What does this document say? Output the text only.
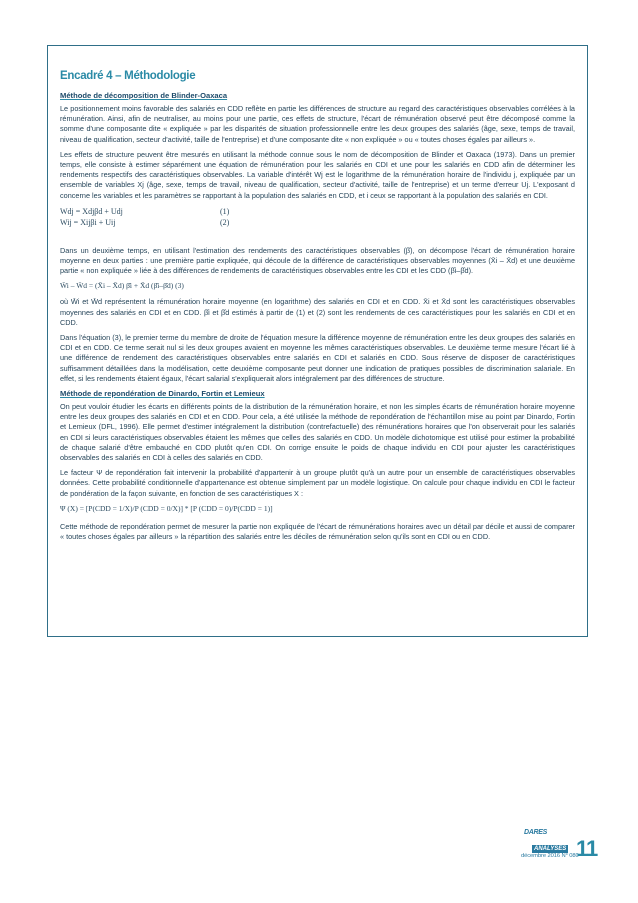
Encadré 4 – Méthodologie
Méthode de décomposition de Blinder-Oaxaca

Le positionnement moins favorable des salariés en CDD reflète en partie les différences de structure au regard des caractéristiques observables corrélées à la rémunération. Ainsi, afin de neutraliser, au moins pour une partie, ces effets de structure, l'écart de rémunération observé peut être décomposé comme la somme d'une composante dite « expliquée » par les disparités de situation professionnelle entre les deux groupes des salariés (âge, sexe, temps de travail, niveau de qualification, secteur d'activité, taille de l'entreprise) et d'une composante dite « non expliquée » ou « toutes choses égales par ailleurs ».

Les effets de structure peuvent être mesurés en utilisant la méthode connue sous le nom de décomposition de Blinder et Oaxaca (1973). Dans un premier temps, elle consiste à estimer séparément une équation de rémunération pour les salariés en CDI et une pour les salariés en CDD afin de déterminer les rendements respectifs des caractéristiques observables. La variable d'intérêt Wj est le logarithme de la rémunération horaire de l'individu j, expliquée par un ensemble de variables Xj (âge, sexe, temps de travail, niveau de qualification, secteur d'activité, taille de l'entreprise) et un terme d'erreur Uj. L'exposant d concerne les variables et les paramètres se rapportant à la population des salariés en CDD, et i ceux se rapportant à la population des salariés en CDI.

Wdj = Xdjβd + Udj	(1)
Wij = Xijβi + Uij	(2)

Dans un deuxième temps, en utilisant l'estimation des rendements des caractéristiques observables (β̂), on décompose l'écart de rémunération horaire moyenne en deux parties : une première partie expliquée, qui découle de la différence de caractéristiques observables moyennes (X̄i – X̄d) et une deuxième partie « non expliquée » liée à des différences de rendements de caractéristiques observables entre les CDI et les CDD (β̂i–β̂d).

W̄i – W̄d = (X̄i – X̄d) β̂i + X̄d (β̂i–β̂d) (3)

où W̄i et W̄d représentent la rémunération horaire moyenne (en logarithme) des salariés en CDI et en CDD. X̄i et X̄d sont les caractéristiques observables moyennes des salariés en CDI et en CDD. β̂i et β̂d estimés à partir de (1) et (2) sont les rendements de ces caractéristiques pour les salariés en CDI et en CDD.

Dans l'équation (3), le premier terme du membre de droite de l'équation mesure la différence moyenne de rémunération entre les deux groupes des salariés en CDI et en CDD. Ce terme serait nul si les deux groupes avaient en moyenne les mêmes caractéristiques observables. Le deuxième terme mesure l'écart lié à une différence de rendement des caractéristiques observables entre salariés en CDI et salariés en CDD. Sous réserve de disposer de caractéristiques suffisamment détaillées dans la modélisation, cette deuxième composante peut donner une indication de pratiques possibles de discrimination salariale. En effet, si les rendements étaient égaux, l'écart salarial s'expliquerait alors intégralement par des différences de structure.

Méthode de repondération de Dinardo, Fortin et Lemieux

On peut vouloir étudier les écarts en différents points de la distribution de la rémunération horaire, et non les simples écarts de rémunération horaire moyenne entre les deux groupes des salariés en CDI et en CDD. Pour cela, a été utilisée la méthode de repondération de l'échantillon mise au point par Dinardo, Fortin et Lemieux (DFL, 1996). Elle permet d'estimer intégralement la distribution (contrefactuelle) des rémunérations horaires que l'on observerait pour les salariés en CDI si leurs caractéristiques observables étaient les mêmes que celles des salariés en CDD. Un modèle dichotomique est utilisé pour estimer la probabilité de chaque salarié d'être embauché en CDD plutôt qu'en CDI. On corrige ensuite le poids de chaque individu en CDI pour ajuster les caractéristiques observables des salariés en CDI à celles des salariés en CDD.

Le facteur Ψ de repondération fait intervenir la probabilité d'appartenir à un groupe plutôt qu'à un autre pour un ensemble de caractéristiques observables données. Cette probabilité conditionnelle d'appartenance est obtenue simplement par un modèle logistique. On calcule pour chaque individu en CDI le facteur de pondération de la façon suivante, en fonction de ses caractéristiques X :

Ψ (X) = [P(CDD = 1/X)/P (CDD = 0/X)] * [P (CDD = 0)/P(CDD = 1)]

Cette méthode de repondération permet de mesurer la partie non expliquée de l'écart de rémunérations horaires avec un détail par décile et aussi de comparer « toutes choses égales par ailleurs » la répartition des salariés entre les déciles de rémunération selon qu'ils sont en CDI ou en CDD.

DARES
ANALYSES
décembre 2016 N° 080
11
